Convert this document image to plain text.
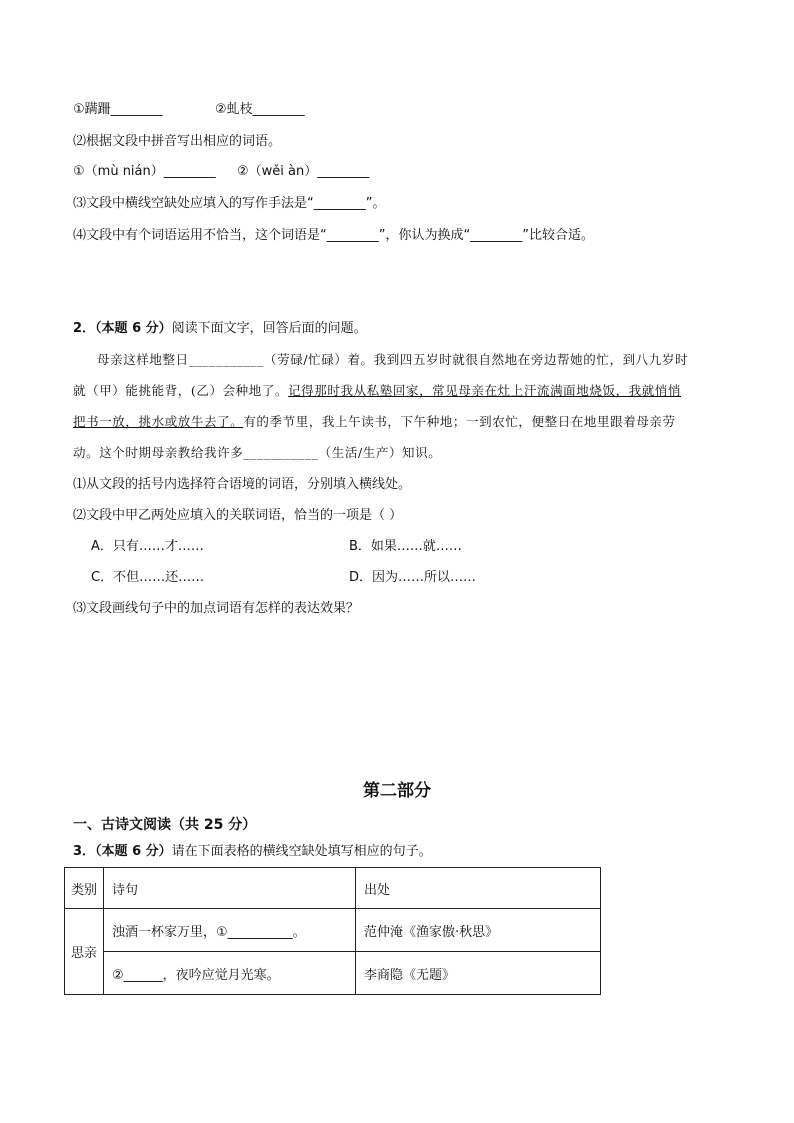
①蹒跚________	②虬枝________
⑵根据文段中拼音写出相应的词语。
①（mù nián）________ ②（wěi àn）________
⑶文段中横线空缺处应填入的写作手法是“________”。
⑷文段中有个词语运用不恰当，这个词语是“________”，你认为换成“________”比较合适。
2．（本题 6 分）阅读下面文字，回答后面的问题。
母亲这样地整日___________（劳碌/忙碌）着。我到四五岁时就很自然地在旁边帮她的忙，到八九岁时
就（甲）能挑能背，(乙）会种地了。记得那时我从私塾回家，常见母亲在灶上汗流满面地烧饭，我就悄悄
把书一放，挑水或放牛去了。有的季节里，我上午读书，下午种地；一到农忙，便整日在地里跟着母亲劳
动。这个时期母亲教给我许多___________（生活/生产）知识。
⑴从文段的括号内选择符合语境的词语，分别填入横线处。
⑵文段中甲乙两处应填入的关联词语，恰当的一项是（ ）
A．只有……才……	B．如果……就……
C．不但……还……	D．因为……所以……
⑶文段画线句子中的加点词语有怎样的表达效果？
第二部分
一、古诗文阅读（共 25 分）
3．（本题 6 分）请在下面表格的横线空缺处填写相应的句子。
类别	诗句	出处
思亲	浊酒一杯家万里，①__________。	范仲淹《渔家傲·秋思》
	②______，夜吟应觉月光寒。	李商隐《无题》
